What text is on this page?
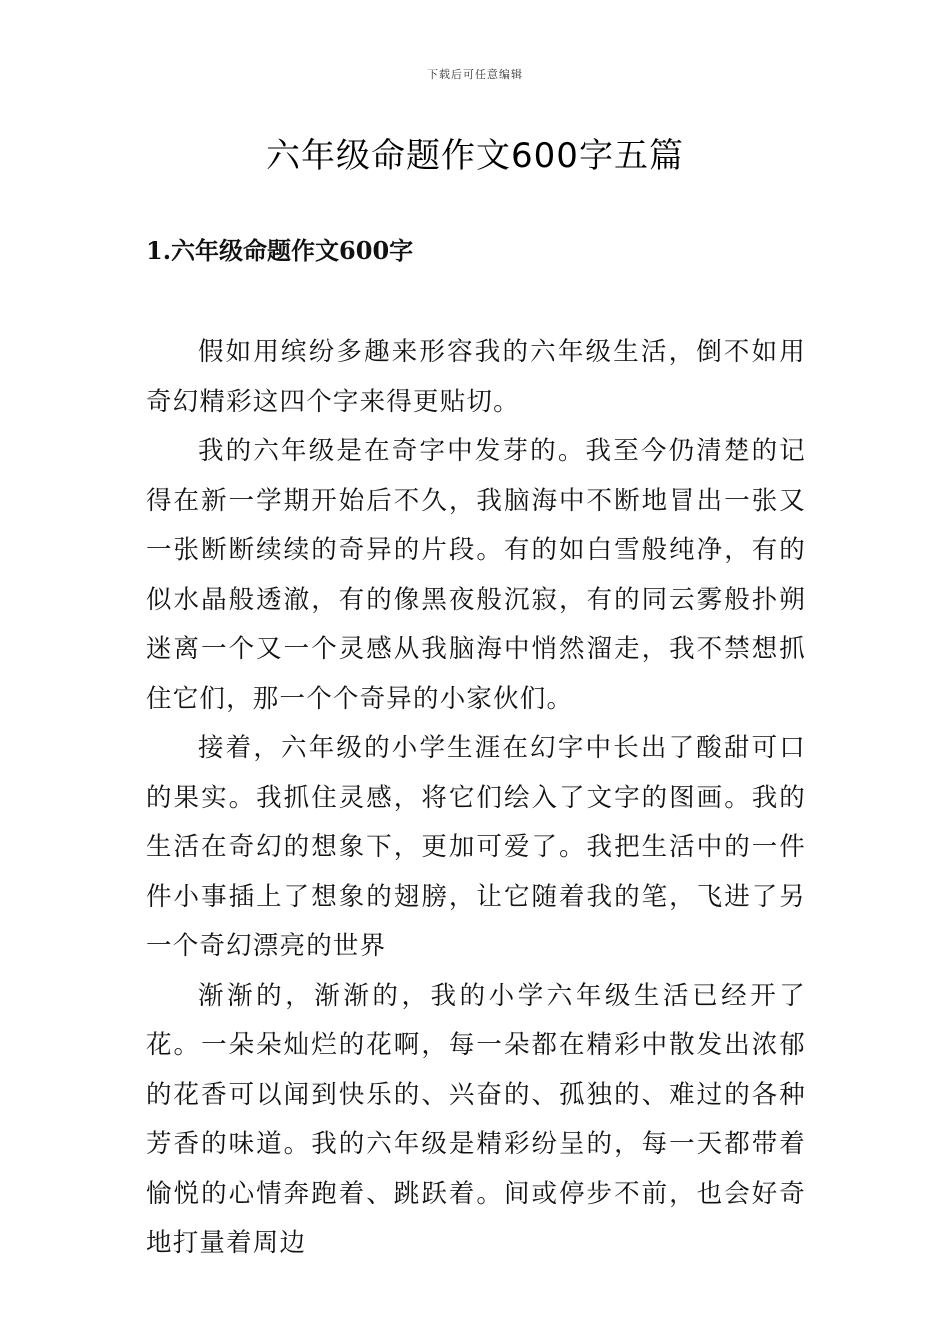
下载后可任意编辑
六年级命题作文600字五篇
1.六年级命题作文600字

假如用缤纷多趣来形容我的六年级生活，倒不如用奇幻精彩这四个字来得更贴切。

我的六年级是在奇字中发芽的。我至今仍清楚的记得在新一学期开始后不久，我脑海中不断地冒出一张又一张断断续续的奇异的片段。有的如白雪般纯净，有的似水晶般透澈，有的像黑夜般沉寂，有的同云雾般扑朔迷离一个又一个灵感从我脑海中悄然溜走，我不禁想抓住它们，那一个个奇异的小家伙们。

接着，六年级的小学生涯在幻字中长出了酸甜可口的果实。我抓住灵感，将它们绘入了文字的图画。我的生活在奇幻的想象下，更加可爱了。我把生活中的一件件小事插上了想象的翅膀，让它随着我的笔，飞进了另一个奇幻漂亮的世界

渐渐的，渐渐的，我的小学六年级生活已经开了花。一朵朵灿烂的花啊，每一朵都在精彩中散发出浓郁的花香可以闻到快乐的、兴奋的、孤独的、难过的各种芳香的味道。我的六年级是精彩纷呈的，每一天都带着愉悦的心情奔跑着、跳跃着。间或停步不前，也会好奇地打量着周边
